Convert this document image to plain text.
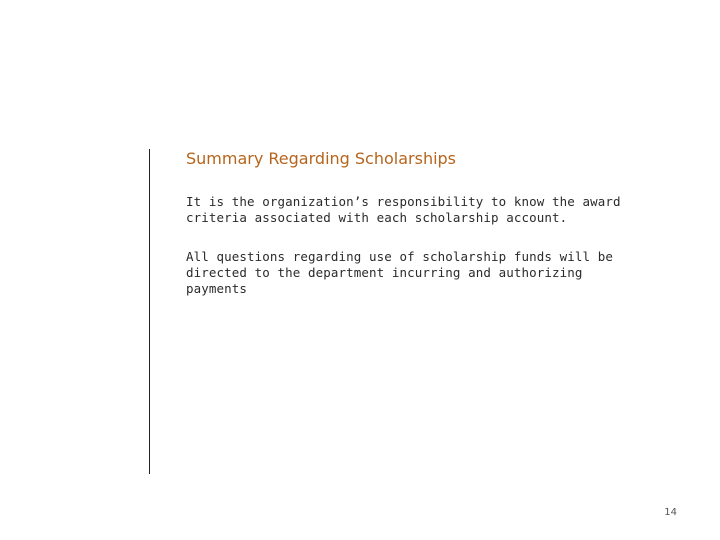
Summary Regarding Scholarships
It is the organization’s responsibility to know the award
criteria associated with each scholarship account.
All questions regarding use of scholarship funds will be
directed to the department incurring and authorizing
payments
14
